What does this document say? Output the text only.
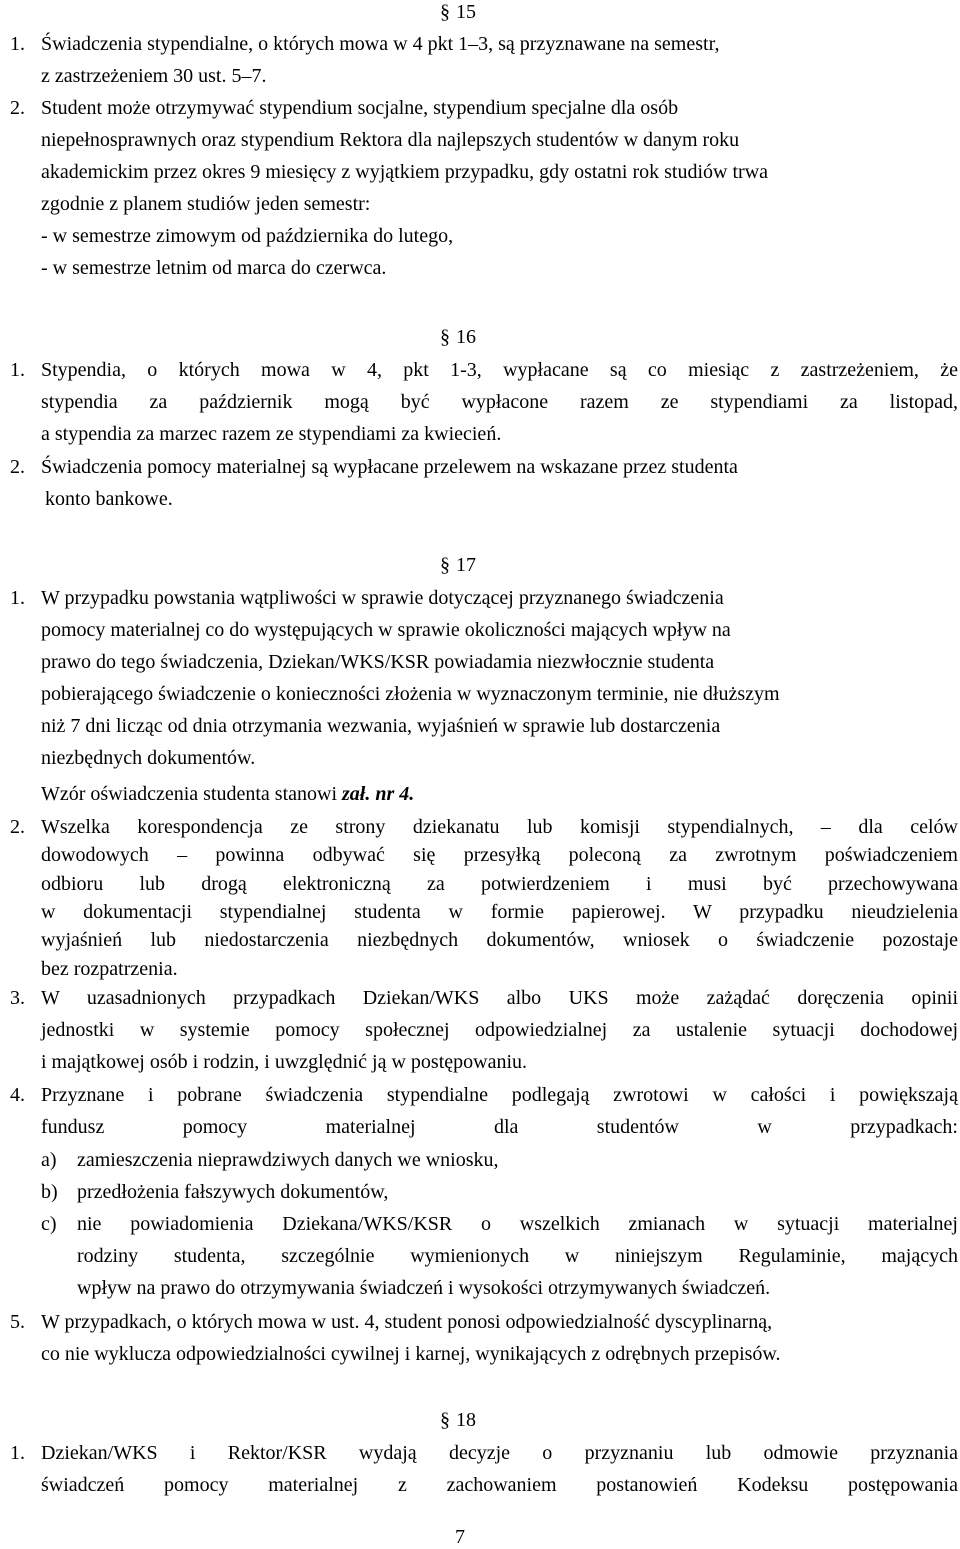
§ 15
1. Świadczenia stypendialne, o których mowa w 4 pkt 1–3, są przyznawane na semestr,
z zastrzeżeniem 30 ust. 5–7.
2. Student może otrzymywać stypendium socjalne, stypendium specjalne dla osób
niepełnosprawnych oraz stypendium Rektora dla najlepszych studentów w danym roku
akademickim przez okres 9 miesięcy z wyjątkiem przypadku, gdy ostatni rok studiów trwa
zgodnie z planem studiów jeden semestr:
- w semestrze zimowym od października do lutego,
- w semestrze letnim od marca do czerwca.
§ 16
1. Stypendia, o których mowa w 4, pkt 1-3, wypłacane są co miesiąc z zastrzeżeniem, że
stypendia za październik mogą być wypłacone razem ze stypendiami za listopad,
a stypendia za marzec razem ze stypendiami za kwiecień.
2. Świadczenia pomocy materialnej są wypłacane przelewem na wskazane przez studenta
konto bankowe.
§ 17
1. W przypadku powstania wątpliwości w sprawie dotyczącej przyznanego świadczenia
pomocy materialnej co do występujących w sprawie okoliczności mających wpływ na
prawo do tego świadczenia, Dziekan/WKS/KSR powiadamia niezwłocznie studenta
pobierającego świadczenie o konieczności złożenia w wyznaczonym terminie, nie dłuższym
niż 7 dni licząc od dnia otrzymania wezwania, wyjaśnień w sprawie lub dostarczenia
niezbędnych dokumentów.
Wzór oświadczenia studenta stanowi zał. nr 4.
2. Wszelka korespondencja ze strony dziekanatu lub komisji stypendialnych, – dla celów
dowodowych – powinna odbywać się przesyłką poleconą za zwrotnym poświadczeniem
odbioru lub drogą elektroniczną za potwierdzeniem i musi być przechowywana
w dokumentacji stypendialnej studenta w formie papierowej. W przypadku nieudzielenia
wyjaśnień lub niedostarczenia niezbędnych dokumentów, wniosek o świadczenie pozostaje
bez rozpatrzenia.
3. W uzasadnionych przypadkach Dziekan/WKS albo UKS może zażądać doręczenia opinii
jednostki w systemie pomocy społecznej odpowiedzialnej za ustalenie sytuacji dochodowej
i majątkowej osób i rodzin, i uwzględnić ją w postępowaniu.
4. Przyznane i pobrane świadczenia stypendialne podlegają zwrotowi w całości i powiększają
fundusz pomocy materialnej dla studentów w przypadkach:
a) zamieszczenia nieprawdziwych danych we wniosku,
b) przedłożenia fałszywych dokumentów,
c) nie powiadomienia Dziekana/WKS/KSR o wszelkich zmianach w sytuacji materialnej
rodziny studenta, szczególnie wymienionych w niniejszym Regulaminie, mających
wpływ na prawo do otrzymywania świadczeń i wysokości otrzymywanych świadczeń.
5. W przypadkach, o których mowa w ust. 4, student ponosi odpowiedzialność dyscyplinarną,
co nie wyklucza odpowiedzialności cywilnej i karnej, wynikających z odrębnych przepisów.
§ 18
1. Dziekan/WKS i Rektor/KSR wydają decyzje o przyznaniu lub odmowie przyznania
świadczeń pomocy materialnej z zachowaniem postanowień Kodeksu postępowania
7
